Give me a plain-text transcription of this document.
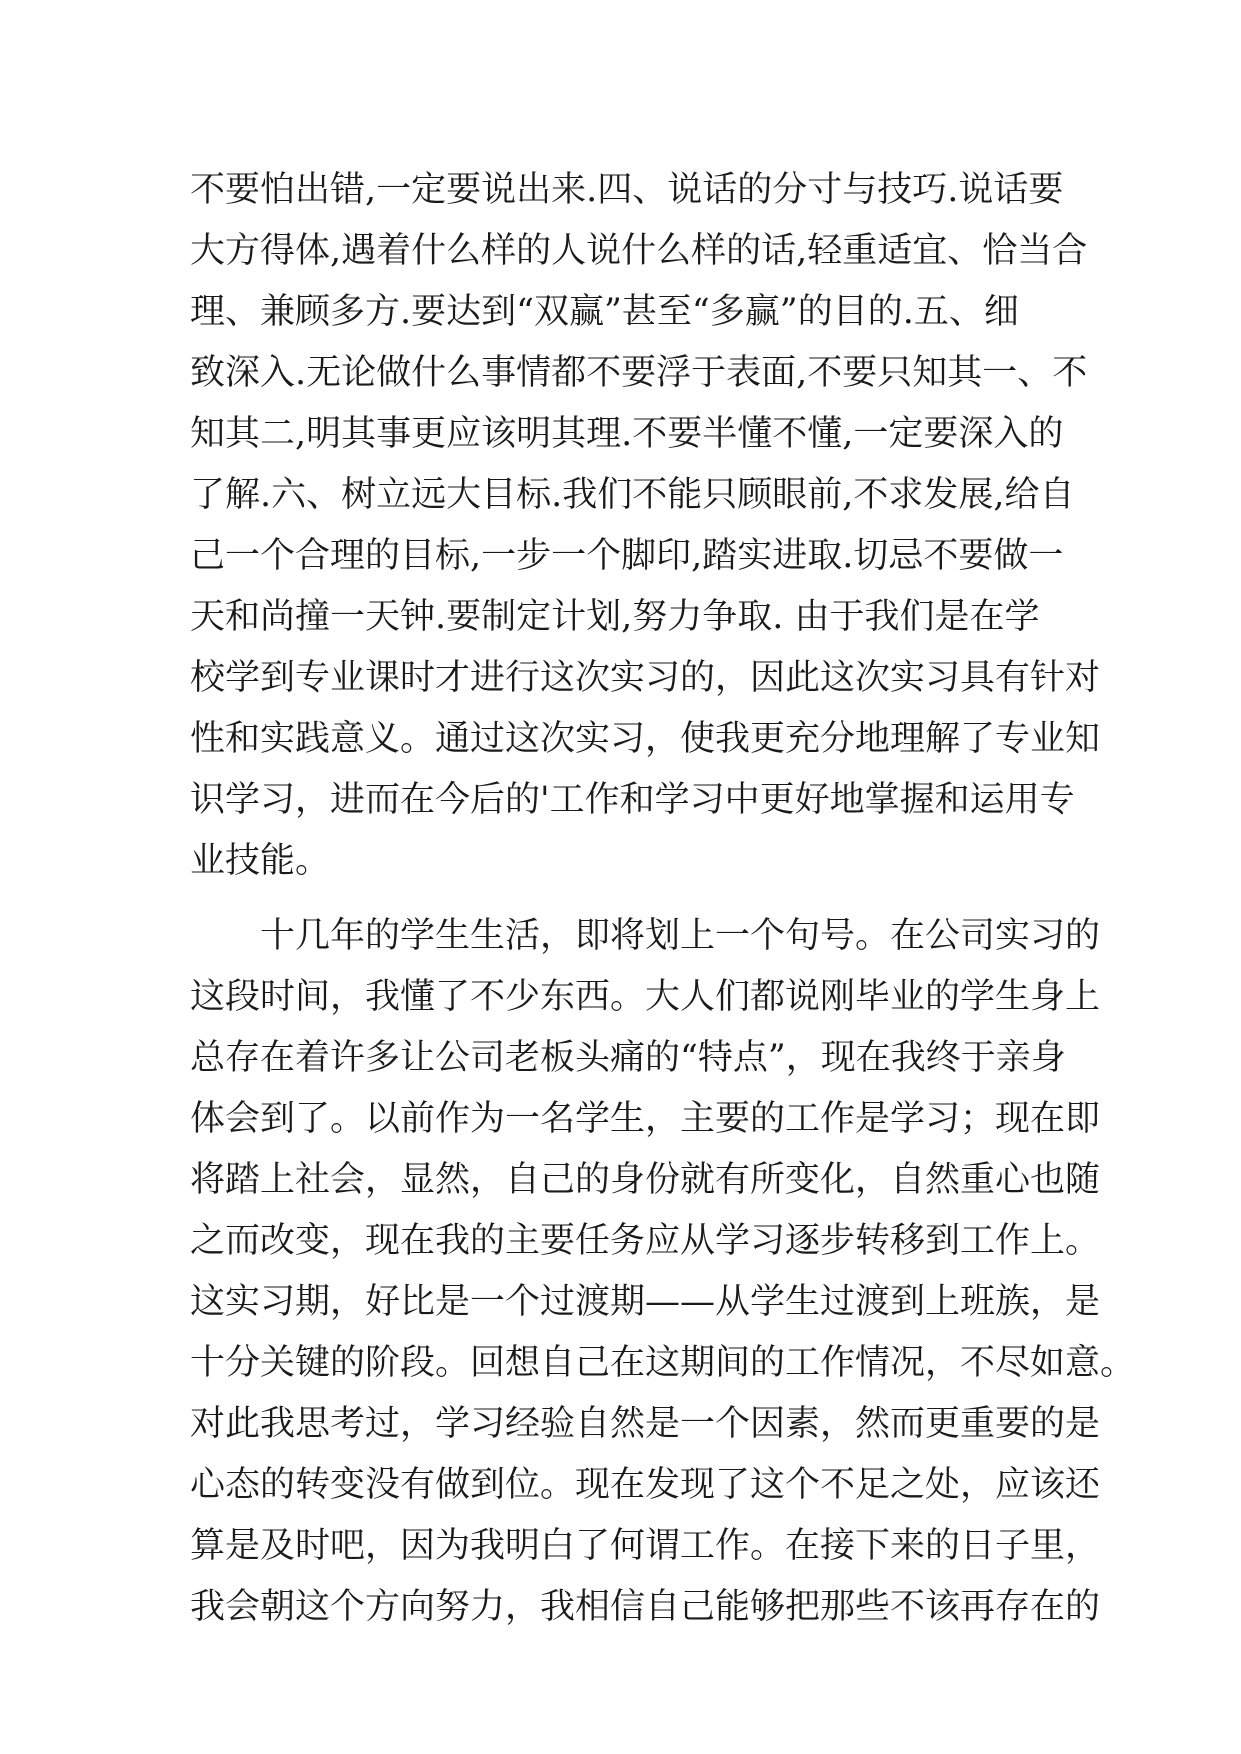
不要怕出错,一定要说出来.四、说话的分寸与技巧.说话要
大方得体,遇着什么样的人说什么样的话,轻重适宜、恰当合
理、兼顾多方.要达到“双赢”甚至“多赢”的目的.五、细
致深入.无论做什么事情都不要浮于表面,不要只知其一、不
知其二,明其事更应该明其理.不要半懂不懂,一定要深入的
了解.六、树立远大目标.我们不能只顾眼前,不求发展,给自
己一个合理的目标,一步一个脚印,踏实进取.切忌不要做一
天和尚撞一天钟.要制定计划,努力争取. 由于我们是在学
校学到专业课时才进行这次实习的，因此这次实习具有针对
性和实践意义。通过这次实习，使我更充分地理解了专业知
识学习，进而在今后的'工作和学习中更好地掌握和运用专
业技能。
　　十几年的学生生活，即将划上一个句号。在公司实习的
这段时间，我懂了不少东西。大人们都说刚毕业的学生身上
总存在着许多让公司老板头痛的“特点”，现在我终于亲身
体会到了。以前作为一名学生，主要的工作是学习；现在即
将踏上社会，显然，自己的身份就有所变化，自然重心也随
之而改变，现在我的主要任务应从学习逐步转移到工作上。
这实习期，好比是一个过渡期——从学生过渡到上班族，是
十分关键的阶段。回想自己在这期间的工作情况，不尽如意。
对此我思考过，学习经验自然是一个因素，然而更重要的是
心态的转变没有做到位。现在发现了这个不足之处，应该还
算是及时吧，因为我明白了何谓工作。在接下来的日子里，
我会朝这个方向努力，我相信自己能够把那些不该再存在的
